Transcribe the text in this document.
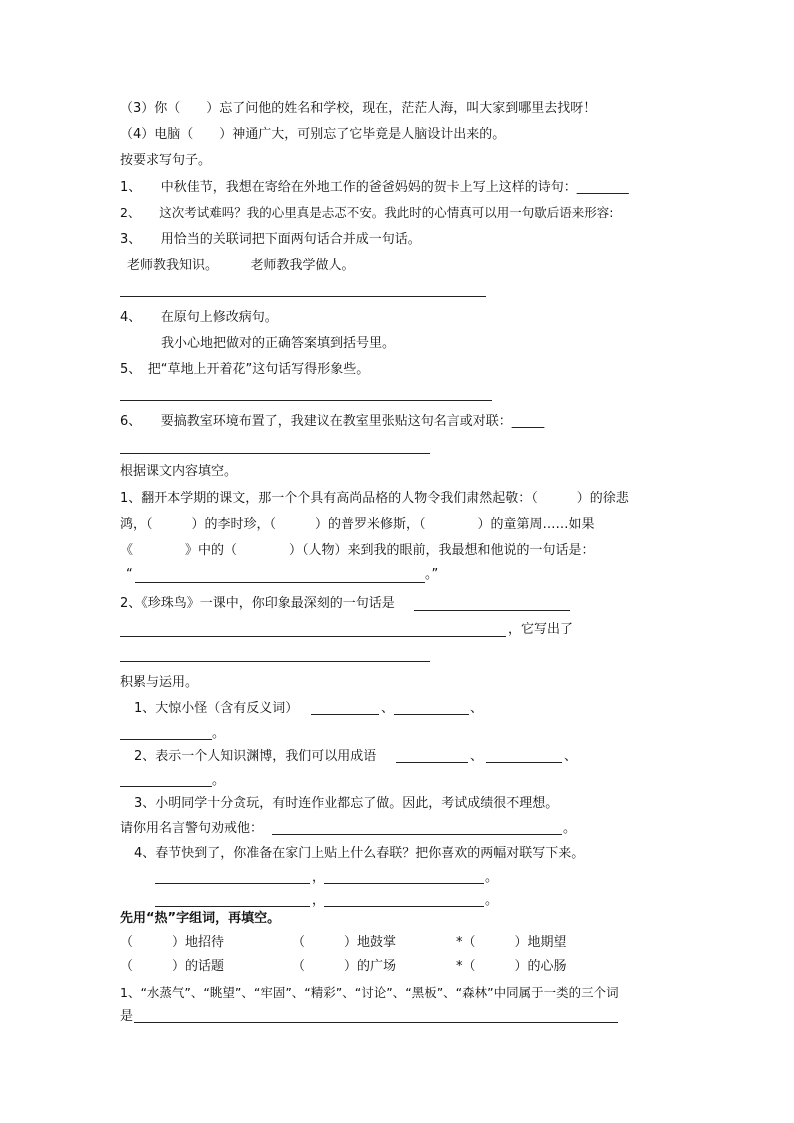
（3）你（　　）忘了问他的姓名和学校，现在，茫茫人海，叫大家到哪里去找呀！
（4）电脑（　　）神通广大，可别忘了它毕竟是人脑设计出来的。
按要求写句子。
1、　　中秋佳节，我想在寄给在外地工作的爸爸妈妈的贺卡上写上这样的诗句：________
2、　　这次考试难吗？我的心里真是忐忑不安。我此时的心情真可以用一句歇后语来形容:
3、　　用恰当的关联词把下面两句话合并成一句话。
老师教我知识。　　　老师教我学做人。
4、　　在原句上修改病句。
我小心地把做对的正确答案填到括号里。
5、　把“草地上开着花”这句话写得形象些。
6、　　要搞教室环境布置了，我建议在教室里张贴这句名言或对联：_____
根据课文内容填空。
1、翻开本学期的课文，那一个个具有高尚品格的人物令我们肃然起敬：（　　　）的徐悲
鸿，（　　　）的李时珍，（　　　）的普罗米修斯，（　　　　）的童第周……如果
《　　　　》中的（　　　　）（人物）来到我的眼前，我最想和他说的一句话是：
“	。”
2、《珍珠鸟》一课中，你印象最深刻的一句话是
，它写出了
积累与运用。
1、大惊小怪（含有反义词）	、	、
。
2、表示一个人知识渊博，我们可以用成语	、	、
。
3、小明同学十分贪玩，有时连作业都忘了做。因此，考试成绩很不理想。
请你用名言警句劝戒他：	。
4、春节快到了，你准备在家门上贴上什么春联？把你喜欢的两幅对联写下来。
，	。
，	。
先用“热”字组词，再填空。
（　　　）地招待	（　　　）地鼓掌	*（　　　）地期望
（　　　）的话题	（　　　）的广场	*（　　　）的心肠
1、“水蒸气”、“眺望”、“牢固”、“精彩”、“讨论”、“黑板”、“森林”中同属于一类的三个词
是
